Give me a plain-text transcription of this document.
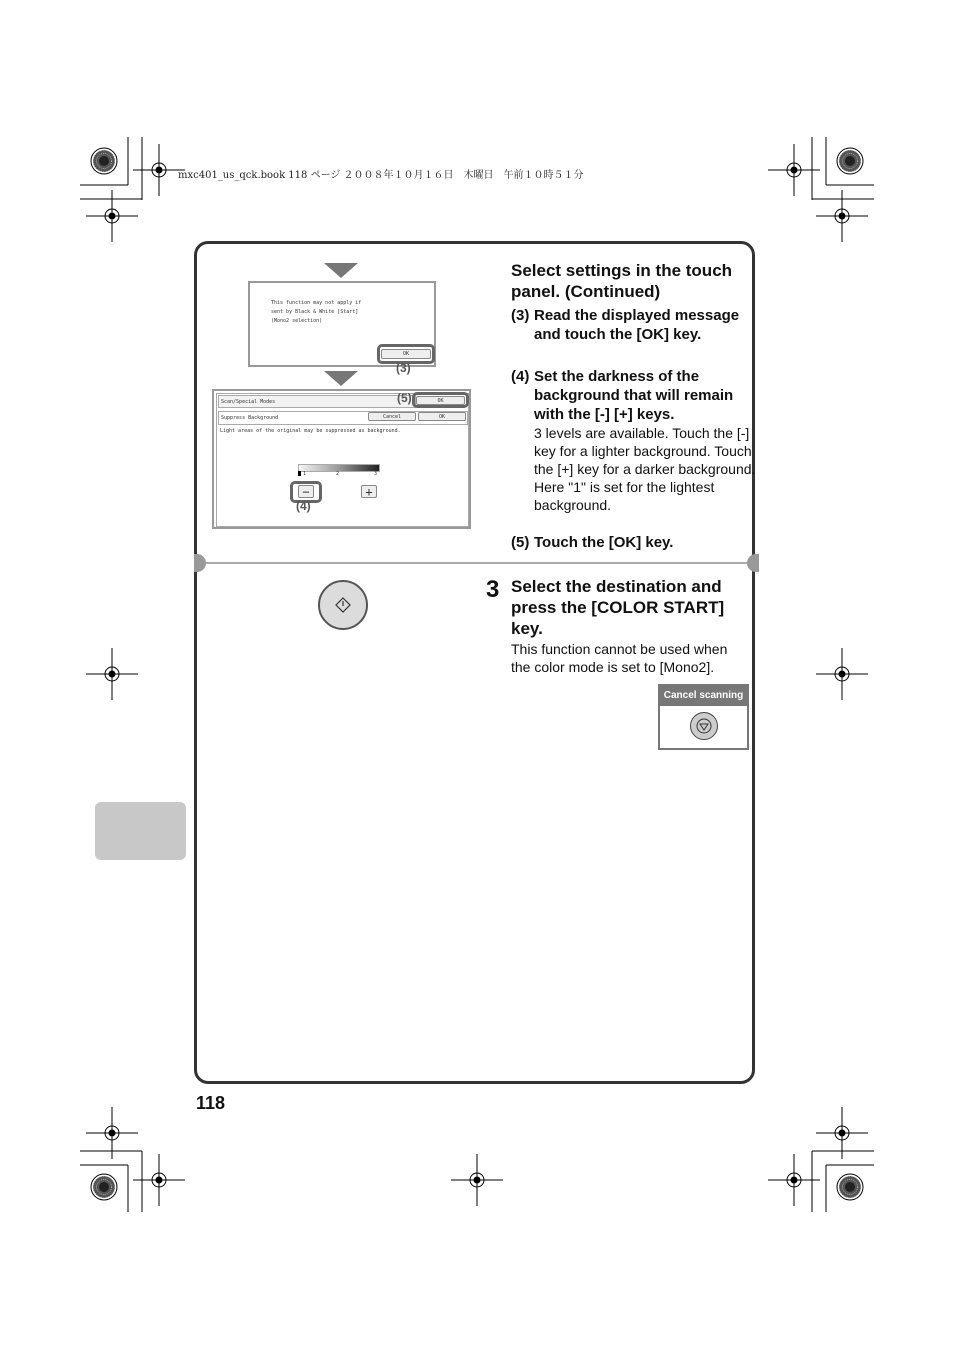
mxc401_us_qck.book 118 ページ ２００８年１０月１６日　木曜日　午前１０時５１分
This function may not apply if
sent by Black & White [Start]
(Mono2 selection)
OK
(3)
Scan/Special Modes	OK
Suppress Background	Cancel	OK
Light areas of the original may be suppressed as background.
1	2	3
−	+
(5)
(4)
Select settings in the touch panel. (Continued)
(3) Read the displayed message and touch the [OK] key.
(4) Set the darkness of the background that will remain with the [-] [+] keys.
3 levels are available. Touch the [-] key for a lighter background. Touch the [+] key for a darker background.
Here "1" is set for the lightest background.
(5) Touch the [OK] key.
3 Select the destination and press the [COLOR START] key.
This function cannot be used when the color mode is set to [Mono2].
Cancel scanning
118
